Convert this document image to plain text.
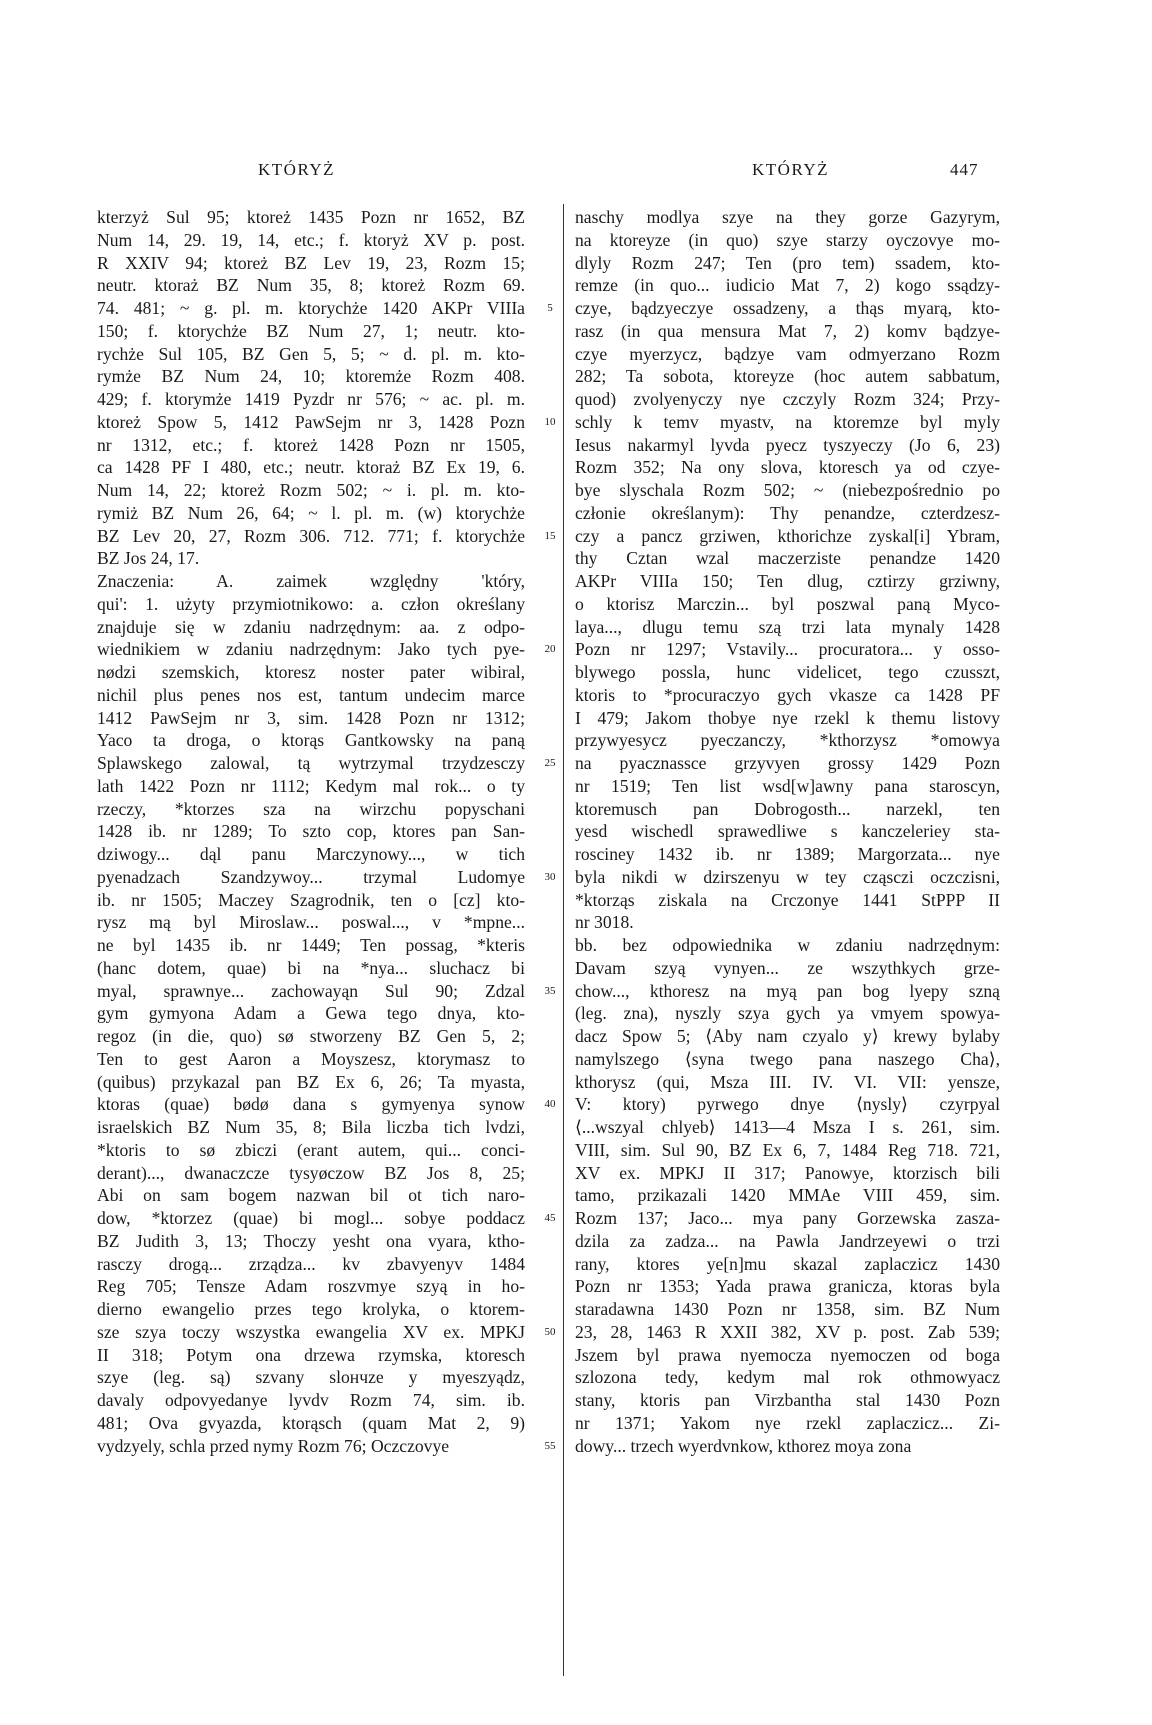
KTÓRYŻ	KTÓRYŻ	447
kterzyż Sul 95; ktoreż 1435 Pozn nr 1652, BZ
Num 14, 29. 19, 14, etc.; f. ktoryż XV p. post.
R XXIV 94; ktoreż BZ Lev 19, 23, Rozm 15;
neutr. ktoraż BZ Num 35, 8; ktoreż Rozm 69.
74. 481; ~ g. pl. m. ktorychże 1420 AKPr VIIIa
150; f. ktorychże BZ Num 27, 1; neutr. kto-
rychże Sul 105, BZ Gen 5, 5; ~ d. pl. m. kto-
rymże BZ Num 24, 10; ktoremże Rozm 408.
429; f. ktorymże 1419 Pyzdr nr 576; ~ ac. pl. m.
ktoreż Spow 5, 1412 PawSejm nr 3, 1428 Pozn
nr 1312, etc.; f. ktoreż 1428 Pozn nr 1505,
ca 1428 PF I 480, etc.; neutr. ktoraż BZ Ex 19, 6.
Num 14, 22; ktoreż Rozm 502; ~ i. pl. m. kto-
rymiż BZ Num 26, 64; ~ l. pl. m. (w) ktorychże
BZ Lev 20, 27, Rozm 306. 712. 771; f. ktorychże
BZ Jos 24, 17.
Znaczenia: A. zaimek względny 'który,
qui': 1. użyty przymiotnikowo: a. człon określany
znajduje się w zdaniu nadrzędnym: aa. z odpo-
wiednikiem w zdaniu nadrzędnym: Jako tych pye-
nødzi szemskich, ktoresz noster pater wibiral,
nichil plus penes nos est, tantum undecim marce
1412 PawSejm nr 3, sim. 1428 Pozn nr 1312;
Yaco ta droga, o ktorąs Gantkowsky na paną
Splawskego zalowal, tą wytrzymal trzydzesczy
lath 1422 Pozn nr 1112; Kedym mal rok... o ty
rzeczy, *ktorzes sza na wirzchu popyschani
1428 ib. nr 1289; To szto cop, ktores pan San-
dziwogy... dąl panu Marczynowy..., w tich
pyenadzach Szandzywoy... trzymal Ludomye
ib. nr 1505; Maczey Szagrodnik, ten o [cz] kto-
rysz mą byl Miroslaw... poswal..., v *mpne...
ne byl 1435 ib. nr 1449; Ten possag, *kteris
(hanc dotem, quae) bi na *nya... sluchacz bi
myal, sprawnye... zachowayąn Sul 90; Zdzal
gym gymyona Adam a Gewa tego dnya, kto-
regoz (in die, quo) sø stworzeny BZ Gen 5, 2;
Ten to gest Aaron a Moyszesz, ktorymasz to
(quibus) przykazal pan BZ Ex 6, 26; Ta myasta,
ktoras (quae) bødø dana s gymyenya synow
israelskich BZ Num 35, 8; Bila liczba tich lvdzi,
*ktoris to sø zbiczi (erant autem, qui... conci-
derant)..., dwanaczcze tysyøczow BZ Jos 8, 25;
Abi on sam bogem nazwan bil ot tich naro-
dow, *ktorzez (quae) bi mogl... sobye poddacz
BZ Judith 3, 13; Thoczy yesht ona vyara, ktho-
rasczy drogą... zrządza... kv zbavyenyv 1484
Reg 705; Tensze Adam roszvmye szyą in ho-
dierno ewangelio przes tego krolyka, o ktorem-
sze szya toczy wszystka ewangelia XV ex. MPKJ
II 318; Potym ona drzewa rzymska, ktoresch
szye (leg. są) szvany slончze y myeszyądz,
davaly odpovyedanye lyvdv Rozm 74, sim. ib.
481; Ova gvyazda, ktorąsch (quam Mat 2, 9)
vydzyely, schla przed nymy Rozm 76; Oczczovye
5
10
15
20
25
30
35
40
45
50
55
naschy modlya szye na they gorze Gazyrym,
na ktoreyze (in quo) szye starzy oyczovye mo-
dlyly Rozm 247; Ten (pro tem) ssadem, kto-
remze (in quo... iudicio Mat 7, 2) kogo ssądzy-
czye, bądzyeczye ossadzeny, a thąs myarą, kto-
rasz (in qua mensura Mat 7, 2) komv bądzye-
czye myerzycz, bądzye vam odmyerzano Rozm
282; Ta sobota, ktoreyze (hoc autem sabbatum,
quod) zvolyenyczy nye czczyly Rozm 324; Przy-
schly k temv myastv, na ktoremze byl myly
Iesus nakarmyl lyvda pyecz tyszyeczy (Jo 6, 23)
Rozm 352; Na ony slova, ktoresch ya od czye-
bye slyschala Rozm 502; ~ (niebezpośrednio po
członie określanym): Thy penandze, czterdzesz-
czy a pancz grziwen, kthorichze zyskal[i] Ybram,
thy Cztan wzal maczerziste penandze 1420
AKPr VIIIa 150; Ten dlug, cztirzy grziwny,
o ktorisz Marczin... byl poszwal paną Myco-
laya..., dlugu temu szą trzi lata mynaly 1428
Pozn nr 1297; Vstavily... procuratora... y osso-
blywego possla, hunc videlicet, tego czusszt,
ktoris to *procuraczyo gych vkasze ca 1428 PF
I 479; Jakom thobye nye rzekl k themu listovy
przywyesycz pyeczanczy, *kthorzysz *omowya
na pyacznassce grzyvyen grossy 1429 Pozn
nr 1519; Ten list wsd[w]awny pana staroscyn,
ktoremusch pan Dobrogosth... narzekl, ten
yesd wischedl sprawedliwe s kanczeleriey sta-
rosciney 1432 ib. nr 1389; Margorzata... nye
byla nikdi w dzirszenyu w tey cząsczi oczczisni,
*ktorząs ziskala na Crczonye 1441 StPPP II
nr 3018.
bb. bez odpowiednika w zdaniu nadrzędnym:
Davam szyą vynyen... ze wszythkych grze-
chow..., kthoresz na myą pan bog lyepy szną
(leg. zna), nyszly szya gych ya vmyem spowya-
dacz Spow 5; ⟨Aby nam czyalo y⟩ krewy bylaby
namylszego ⟨syna twego pana naszego Cha⟩,
kthorysz (qui, Msza III. IV. VI. VII: yensze,
V: ktory) pyrwego dnye ⟨nysly⟩ czyrpyal
⟨...wszyal chlyeb⟩ 1413—4 Msza I s. 261, sim.
VIII, sim. Sul 90, BZ Ex 6, 7, 1484 Reg 718. 721,
XV ex. MPKJ II 317; Panowye, ktorzisch bili
tamo, przikazali 1420 MMAe VIII 459, sim.
Rozm 137; Jaco... mya pany Gorzewska zasza-
dzila za zadza... na Pawla Jandrzeyewi o trzi
rany, ktores ye[n]mu skazal zaplaczicz 1430
Pozn nr 1353; Yada prawa granicza, ktoras byla
staradawna 1430 Pozn nr 1358, sim. BZ Num
23, 28, 1463 R XXII 382, XV p. post. Zab 539;
Jszem byl prawa nyemocza nyemoczen od boga
szlozona tedy, kedym mal rok othmowyacz
stany, ktoris pan Virzbantha stal 1430 Pozn
nr 1371; Yakom nye rzekl zaplaczicz... Zi-
dowy... trzech wyerdvnkow, kthorez moya zona
